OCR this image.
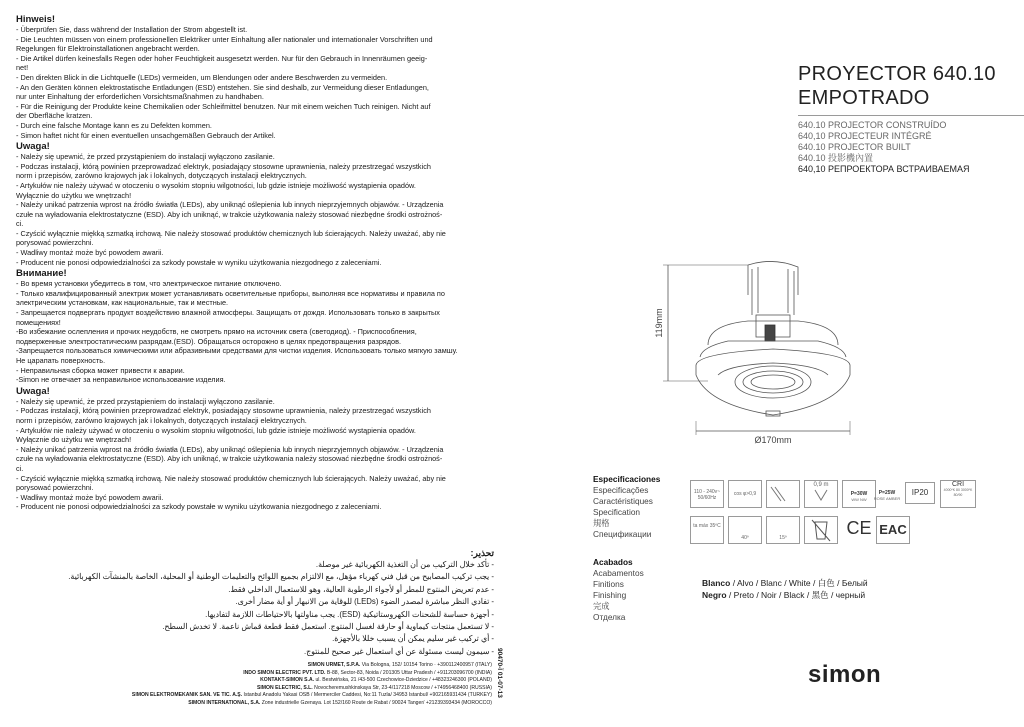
Hinweis!
- Überprüfen Sie, dass während der Installation der Strom abgestellt ist.
- Die Leuchten müssen von einem professionellen Elektriker unter Einhaltung aller nationaler und internationaler Vorschriften und
Regelungen für Elektroinstallationen angebracht werden.
- Die Artikel dürfen keinesfalls Regen oder hoher Feuchtigkeit ausgesetzt werden. Nur für den Gebrauch in Innenräumen geeig-
net!
- Den direkten Blick in die Lichtquelle (LEDs) vermeiden, um Blendungen oder andere Beschwerden zu vermeiden.
- An den Geräten können elektrostatische Entladungen (ESD) entstehen. Sie sind deshalb, zur Vermeidung dieser Entladungen,
nur unter Einhaltung der erforderlichen Vorsichtsmaßnahmen zu handhaben.
- Für die Reinigung der Produkte keine Chemikalien oder Schleifmittel benutzen. Nur mit einem weichen Tuch reinigen. Nicht auf
der Oberfläche kratzen.
- Durch eine falsche Montage kann es zu Defekten kommen.
- Simon haftet nicht für einen eventuellen unsachgemäßen Gebrauch der Artikel.
Uwaga!
- Należy się upewnić, że przed przystąpieniem do instalacji wyłączono zasilanie.
- Podczas instalacji, którą powinien przeprowadzać elektryk, posiadający stosowne uprawnienia, należy przestrzegać wszystkich
norm i przepisów, zarówno krajowych jak i lokalnych, dotyczących instalacji elektrycznych.
- Artykułów nie należy używać w otoczeniu o wysokim stopniu wilgotności, lub gdzie istnieje możliwość wystąpienia opadów.
Wyłącznie do użytku we wnętrzach!
- Należy unikać patrzenia wprost na źródło światła (LEDs), aby uniknąć oślepienia lub innych nieprzyjemnych objawów. - Urządzenia
czułe na wyładowania elektrostatyczne (ESD). Aby ich uniknąć, w trakcie użytkowania należy stosować niezbędne środki ostrożnoś-
ci.
- Czyścić wyłącznie miękką szmatką irchową. Nie należy stosować produktów chemicznych lub ścierających. Należy uważać, aby nie
porysować powierzchni.
- Wadliwy montaż może być powodem awarii.
- Producent nie ponosi odpowiedzialności za szkody powstałe w wyniku użytkowania niezgodnego z zaleceniami.
Внимание!
- Во время установки убедитесь в том, что электрическое питание отключено.
- Только квалифицированный электрик может устанавливать осветительные приборы, выполняя все нормативы и правила по
электрическим установкам, как национальные, так и местные.
- Запрещается подвергать продукт воздействию влажной атмосферы. Защищать от дождя. Использовать только в закрытых
помещениях!
-Во избежание ослепления и прочих неудобств, не смотреть прямо на источник света (светодиод). - Приспособления,
подверженные электростатическим разрядам.(ESD). Обращаться осторожно в целях предотвращения разрядов.
-Запрещается пользоваться химическими или абразивными средствами для чистки изделия. Использовать только мягкую замшу.
Не царапать поверхность.
- Неправильная сборка может привести к аварии.
-Simon не отвечает за неправильное использование изделия.
Uwaga!
- Należy się upewnić, że przed przystąpieniem do instalacji wyłączono zasilanie.
- Podczas instalacji, którą powinien przeprowadzać elektryk, posiadający stosowne uprawnienia, należy przestrzegać wszystkich
norm i przepisów, zarówno krajowych jak i lokalnych, dotyczących instalacji elektrycznych.
- Artykułów nie należy używać w otoczeniu o wysokim stopniu wilgotności, lub gdzie istnieje możliwość wystąpienia opadów.
Wyłącznie do użytku we wnętrzach!
- Należy unikać patrzenia wprost na źródło światła (LEDs), aby uniknąć oślepienia lub innych nieprzyjemnych objawów. - Urządzenia
czułe na wyładowania elektrostatyczne (ESD). Aby ich uniknąć, w trakcie użytkowania należy stosować niezbędne środki ostrożnoś-
ci.
- Czyścić wyłącznie miękką szmatką irchową. Nie należy stosować produktów chemicznych lub ścierających. Należy uważać, aby nie
porysować powierzchni.
- Wadliwy montaż może być powodem awarii.
- Producent nie ponosi odpowiedzialności za szkody powstałe w wyniku użytkowania niezgodnego z zaleceniami.
تحذير:
- تأكد خلال التركيب من أن التغذية الكهربائية غير موصلة.
- يجب تركيب المصابيح من قبل فني كهرباء مؤهل، مع الالتزام بجميع اللوائح والتعليمات الوطنية أو المحلية، الخاصة بالمنشآت الكهربائية.
- عدم تعريض المنتوج للمطر أو لأجواء الرطوبة العالية، وهو للاستعمال الداخلي فقط.
- تفادي النظر مباشرة لمصدر الضوء (LEDs) للوقاية من الانبهار أو أية مضار أخرى.
- أجهزة حساسة للشحنات الكهروستاتيكية (ESD). يجب مناولتها بالاحتياطات اللازمة لتفاديها.
- لا تستعمل منتجات كيماوية أو حارقة لغسل المنتوج. استعمل فقط قطعة قماش ناعمة. لا تخدش السطح.
- أي تركيب غير سليم يمكن أن يسبب خللا بالأجهزة.
- سيمون ليست مسئولة عن أي استعمال غير صحيح للمنتوج.
SIMON URMET, S.P.A. Via Bologna, 152/ 10154 Torino · +390112400957 (ITALY)
INDO SIMON ELECTRIC PVT. LTD. B-88, Sector-83, Noida / 201305 Uttar Pradesh / +911203096700 (INDIA)
KONTAKT-SIMON S.A. ul. Bestwińska, 21 /43-500 Czechowice-Dziedzice / +48323246300 (POLAND)
SIMON ELECTRIC, S.L. Novocheremushkinskaya Str, 23-4/117218 Moscow / +74956468400 (RUSSIA)
SIMON ELEKTROMEKANIK SAN. VE TIC. A.Ş. Istanbul Anadolu Yakasi OSB / Mermerciler Caddesi, No:11 Tuzla/ 34953 Istanbul/ +902165931434 (TURKEY)
SIMON INTERNATIONAL, S.A. Zone industrielle Gzenaya. Lot 152/160 Route de Rabat / 90024 Tanger/ +21239393434 (MOROCCO)
90470-Ï 01-07-13
PROYECTOR 640.10
EMPOTRADO
640.10 PROJECTOR CONSTRUÍDO
640,10 PROJECTEUR INTÉGRÉ
640.10 PROJECTOR BUILT
640.10 投影機內置
640,10 РЕПРОЕКТОРА ВСТРАИВАЕМАЯ
119mm
Ø170mm
Especificaciones
Especificações
Caractéristiques
Specification
規格
Спецификации
110 - 240v~ 50/60Hz
cos φ>0,9
0,9 m
P=30W
WW NW
P=25W
ROSE AMBER
IP20
CRI
4000ºK 80 3000ºK 80/90
ta máx 35ºC
40º	15º	CE EAC
Acabados
Acabamentos
Finitions
Finishing
完成
Отделка
Blanco / Alvo / Blanc / White / 白色 / Белый
Negro / Preto / Noir / Black / 黑色 / черный
simon
